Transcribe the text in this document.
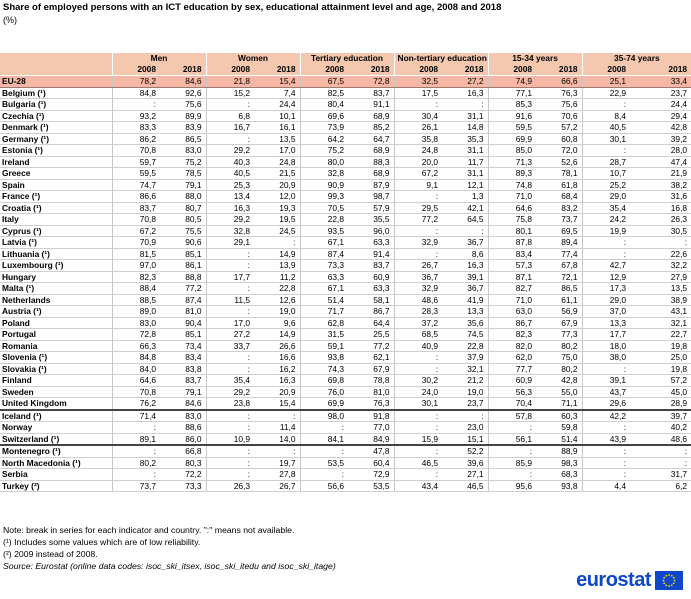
Share of employed persons with an ICT education by sex, educational attainment level and age, 2008 and 2018
(%)
	Men		Women		Tertiary education		Non-tertiary education		15-34 years		35-74 years	
	2008	2018	2008	2018	2008	2018	2008	2018	2008	2018	2008	2018
EU-28	78,2	84,6	21,8	15,4	67,5	72,8	32,5	27,2	74,9	66,6	25,1	33,4
Belgium (¹)	84,8	92,6	15,2	7,4	82,5	83,7	17,5	16,3	77,1	76,3	22,9	23,7
Bulgaria (¹)	:	75,6	:	24,4	80,4	91,1	:	:	85,3	75,6	:	24,4
Czechia (¹)	93,2	89,9	6,8	10,1	69,6	68,9	30,4	31,1	91,6	70,6	8,4	29,4
Denmark (¹)	83,3	83,9	16,7	16,1	73,9	85,2	26,1	14,8	59,5	57,2	40,5	42,8
Germany (¹)	86,2	86,5	:	13,5	64,2	64,7	35,8	35,3	69,9	60,8	30,1	39,2
Estonia (¹)	70,8	83,0	29,2	17,0	75,2	68,9	24,8	31,1	85,0	72,0	:	28,0
Ireland	59,7	75,2	40,3	24,8	80,0	88,3	20,0	11,7	71,3	52,6	28,7	47,4
Greece	59,5	78,5	40,5	21,5	32,8	68,9	67,2	31,1	89,3	78,1	10,7	21,9
Spain	74,7	79,1	25,3	20,9	90,9	87,9	9,1	12,1	74,8	61,8	25,2	38,2
France (¹)	86,6	88,0	13,4	12,0	99,3	98,7	:	1,3	71,0	68,4	29,0	31,6
Croatia (¹)	83,7	80,7	16,3	19,3	70,5	57,9	29,5	42,1	64,6	83,2	35,4	16,8
Italy	70,8	80,5	29,2	19,5	22,8	35,5	77,2	64,5	75,8	73,7	24,2	26,3
Cyprus (¹)	67,2	75,5	32,8	24,5	93,5	96,0	:	:	80,1	69,5	19,9	30,5
Latvia (¹)	70,9	90,6	29,1	:	67,1	63,3	32,9	36,7	87,8	89,4	:	:
Lithuania (¹)	81,5	85,1	:	14,9	87,4	91,4	:	8,6	83,4	77,4	:	22,6
Luxembourg (¹)	97,0	86,1	:	13,9	73,3	83,7	26,7	16,3	57,3	67,8	42,7	32,2
Hungary	82,3	88,8	17,7	11,2	63,3	60,9	36,7	39,1	87,1	72,1	12,9	27,9
Malta (¹)	88,4	77,2	:	22,8	67,1	63,3	32,9	36,7	82,7	86,5	17,3	13,5
Netherlands	88,5	87,4	11,5	12,6	51,4	58,1	48,6	41,9	71,0	61,1	29,0	38,9
Austria (¹)	89,0	81,0	:	19,0	71,7	86,7	28,3	13,3	63,0	56,9	37,0	43,1
Poland	83,0	90,4	17,0	9,6	62,8	64,4	37,2	35,6	86,7	67,9	13,3	32,1
Portugal	72,8	85,1	27,2	14,9	31,5	25,5	68,5	74,5	82,3	77,3	17,7	22,7
Romania	66,3	73,4	33,7	26,6	59,1	77,2	40,9	22,8	82,0	80,2	18,0	19,8
Slovenia (¹)	84,8	83,4	:	16,6	93,8	62,1	:	37,9	62,0	75,0	38,0	25,0
Slovakia (¹)	84,0	83,8	:	16,2	74,3	67,9	:	32,1	77,7	80,2	:	19,8
Finland	64,6	83,7	35,4	16,3	69,8	78,8	30,2	21,2	60,9	42,8	39,1	57,2
Sweden	70,8	79,1	29,2	20,9	76,0	81,0	24,0	19,0	56,3	55,0	43,7	45,0
United Kingdom	76,2	84,6	23,8	15,4	69,9	76,3	30,1	23,7	70,4	71,1	29,6	28,9
Iceland (¹)	71,4	83,0	:	:	98,0	91,8	:	:	57,8	60,3	42,2	39,7
Norway	:	88,6	:	11,4	:	77,0	:	23,0	:	59,8	:	40,2
Switzerland (¹)	89,1	86,0	10,9	14,0	84,1	84,9	15,9	15,1	56,1	51,4	43,9	48,6
Montenegro (¹)	:	66,8	:	:	:	47,8	:	52,2	:	88,9	:	:
North Macedonia (¹)	80,2	80,3	:	19,7	53,5	60,4	46,5	39,6	85,9	98,3	:	:
Serbia	:	72,2	:	27,8	:	72,9	:	27,1	:	68,3	:	31,7
Turkey (²)	73,7	73,3	26,3	26,7	56,6	53,5	43,4	46,5	95,6	93,8	4,4	6,2
Note: break in series for each indicator and country. ":" means not available.
(¹) Includes some values which are of low reliability.
(²) 2009 instead of 2008.
Source: Eurostat (online data codes: isoc_ski_itsex, isoc_ski_itedu and isoc_ski_itage)
eurostat
